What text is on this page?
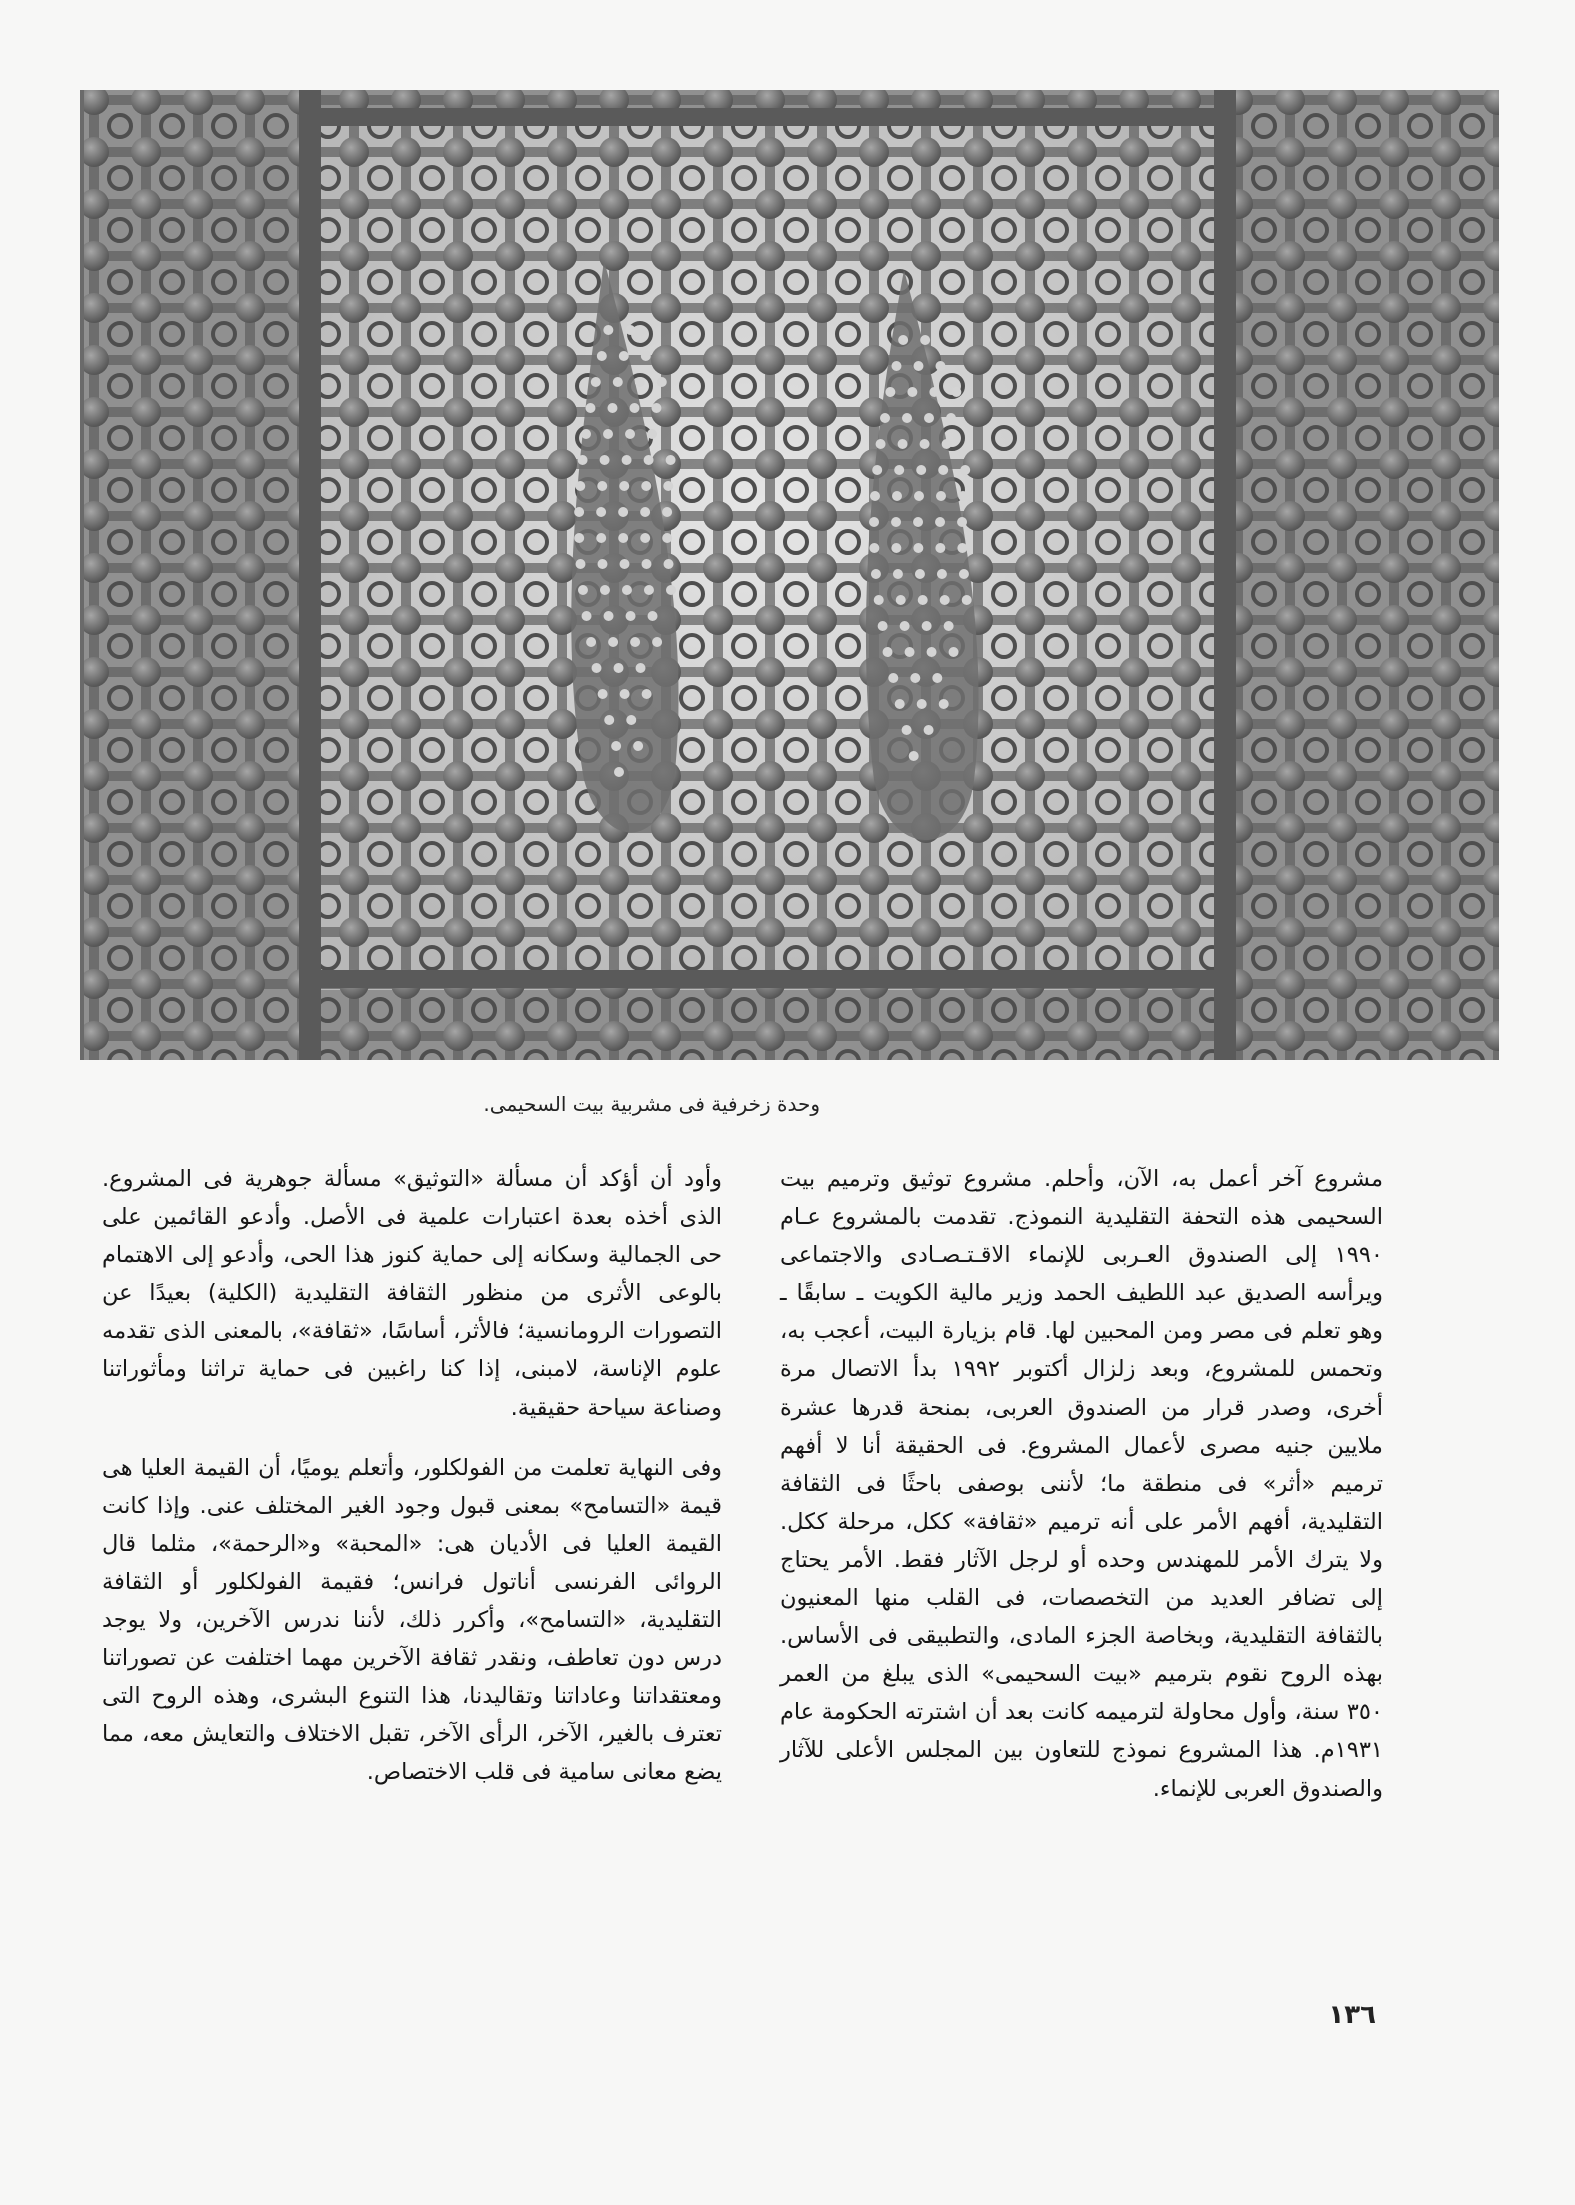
وحدة زخرفية فى مشربية بيت السحيمى.

مشروع آخر أعمل به، الآن، وأحلم. مشروع توثيق وترميم بيت السحيمى هذه التحفة التقليدية النموذج. تقدمت بالمشروع عـام ١٩٩٠ إلى الصندوق العـربى للإنماء الاقـتـصـادى والاجتماعى ويرأسه الصديق عبد اللطيف الحمد وزير مالية الكويت ـ سابقًا ـ وهو تعلم فى مصر ومن المحبين لها. قام بزيارة البيت، أعجب به، وتحمس للمشروع، وبعد زلزال أكتوبر ١٩٩٢ بدأ الاتصال مرة أخرى، وصدر قرار من الصندوق العربى، بمنحة قدرها عشرة ملايين جنيه مصرى لأعمال المشروع. فى الحقيقة أنا لا أفهم ترميم «أثر» فى منطقة ما؛ لأننى بوصفى باحثًا فى الثقافة التقليدية، أفهم الأمر على أنه ترميم «ثقافة» ككل، مرحلة ككل. ولا يترك الأمر للمهندس وحده أو لرجل الآثار فقط. الأمر يحتاج إلى تضافر العديد من التخصصات، فى القلب منها المعنيون بالثقافة التقليدية، وبخاصة الجزء المادى، والتطبيقى فى الأساس. بهذه الروح نقوم بترميم «بيت السحيمى» الذى يبلغ من العمر ٣٥٠ سنة، وأول محاولة لترميمه كانت بعد أن اشترته الحكومة عام ١٩٣١م. هذا المشروع نموذج للتعاون بين المجلس الأعلى للآثار والصندوق العربى للإنماء.

وأود أن أؤكد أن مسألة «التوثيق» مسألة جوهرية فى المشروع. الذى أخذه بعدة اعتبارات علمية فى الأصل. وأدعو القائمين على حى الجمالية وسكانه إلى حماية كنوز هذا الحى، وأدعو إلى الاهتمام بالوعى الأثرى من منظور الثقافة التقليدية (الكلية) بعيدًا عن التصورات الرومانسية؛ فالأثر، أساسًا، «ثقافة»، بالمعنى الذى تقدمه علوم الإناسة، لامبنى، إذا كنا راغبين فى حماية تراثنا ومأثوراتنا وصناعة سياحة حقيقية.

وفى النهاية تعلمت من الفولكلور، وأتعلم يوميًا، أن القيمة العليا هى قيمة «التسامح» بمعنى قبول وجود الغير المختلف عنى. وإذا كانت القيمة العليا فى الأديان هى: «المحبة» و«الرحمة»، مثلما قال الروائى الفرنسى أناتول فرانس؛ فقيمة الفولكلور أو الثقافة التقليدية، «التسامح»، وأكرر ذلك، لأننا ندرس الآخرين، ولا يوجد درس دون تعاطف، ونقدر ثقافة الآخرين مهما اختلفت عن تصوراتنا ومعتقداتنا وعاداتنا وتقاليدنا، هذا التنوع البشرى، وهذه الروح التى تعترف بالغير، الآخر، الرأى الآخر، تقبل الاختلاف والتعايش معه، مما يضع معانى سامية فى قلب الاختصاص.

١٣٦
